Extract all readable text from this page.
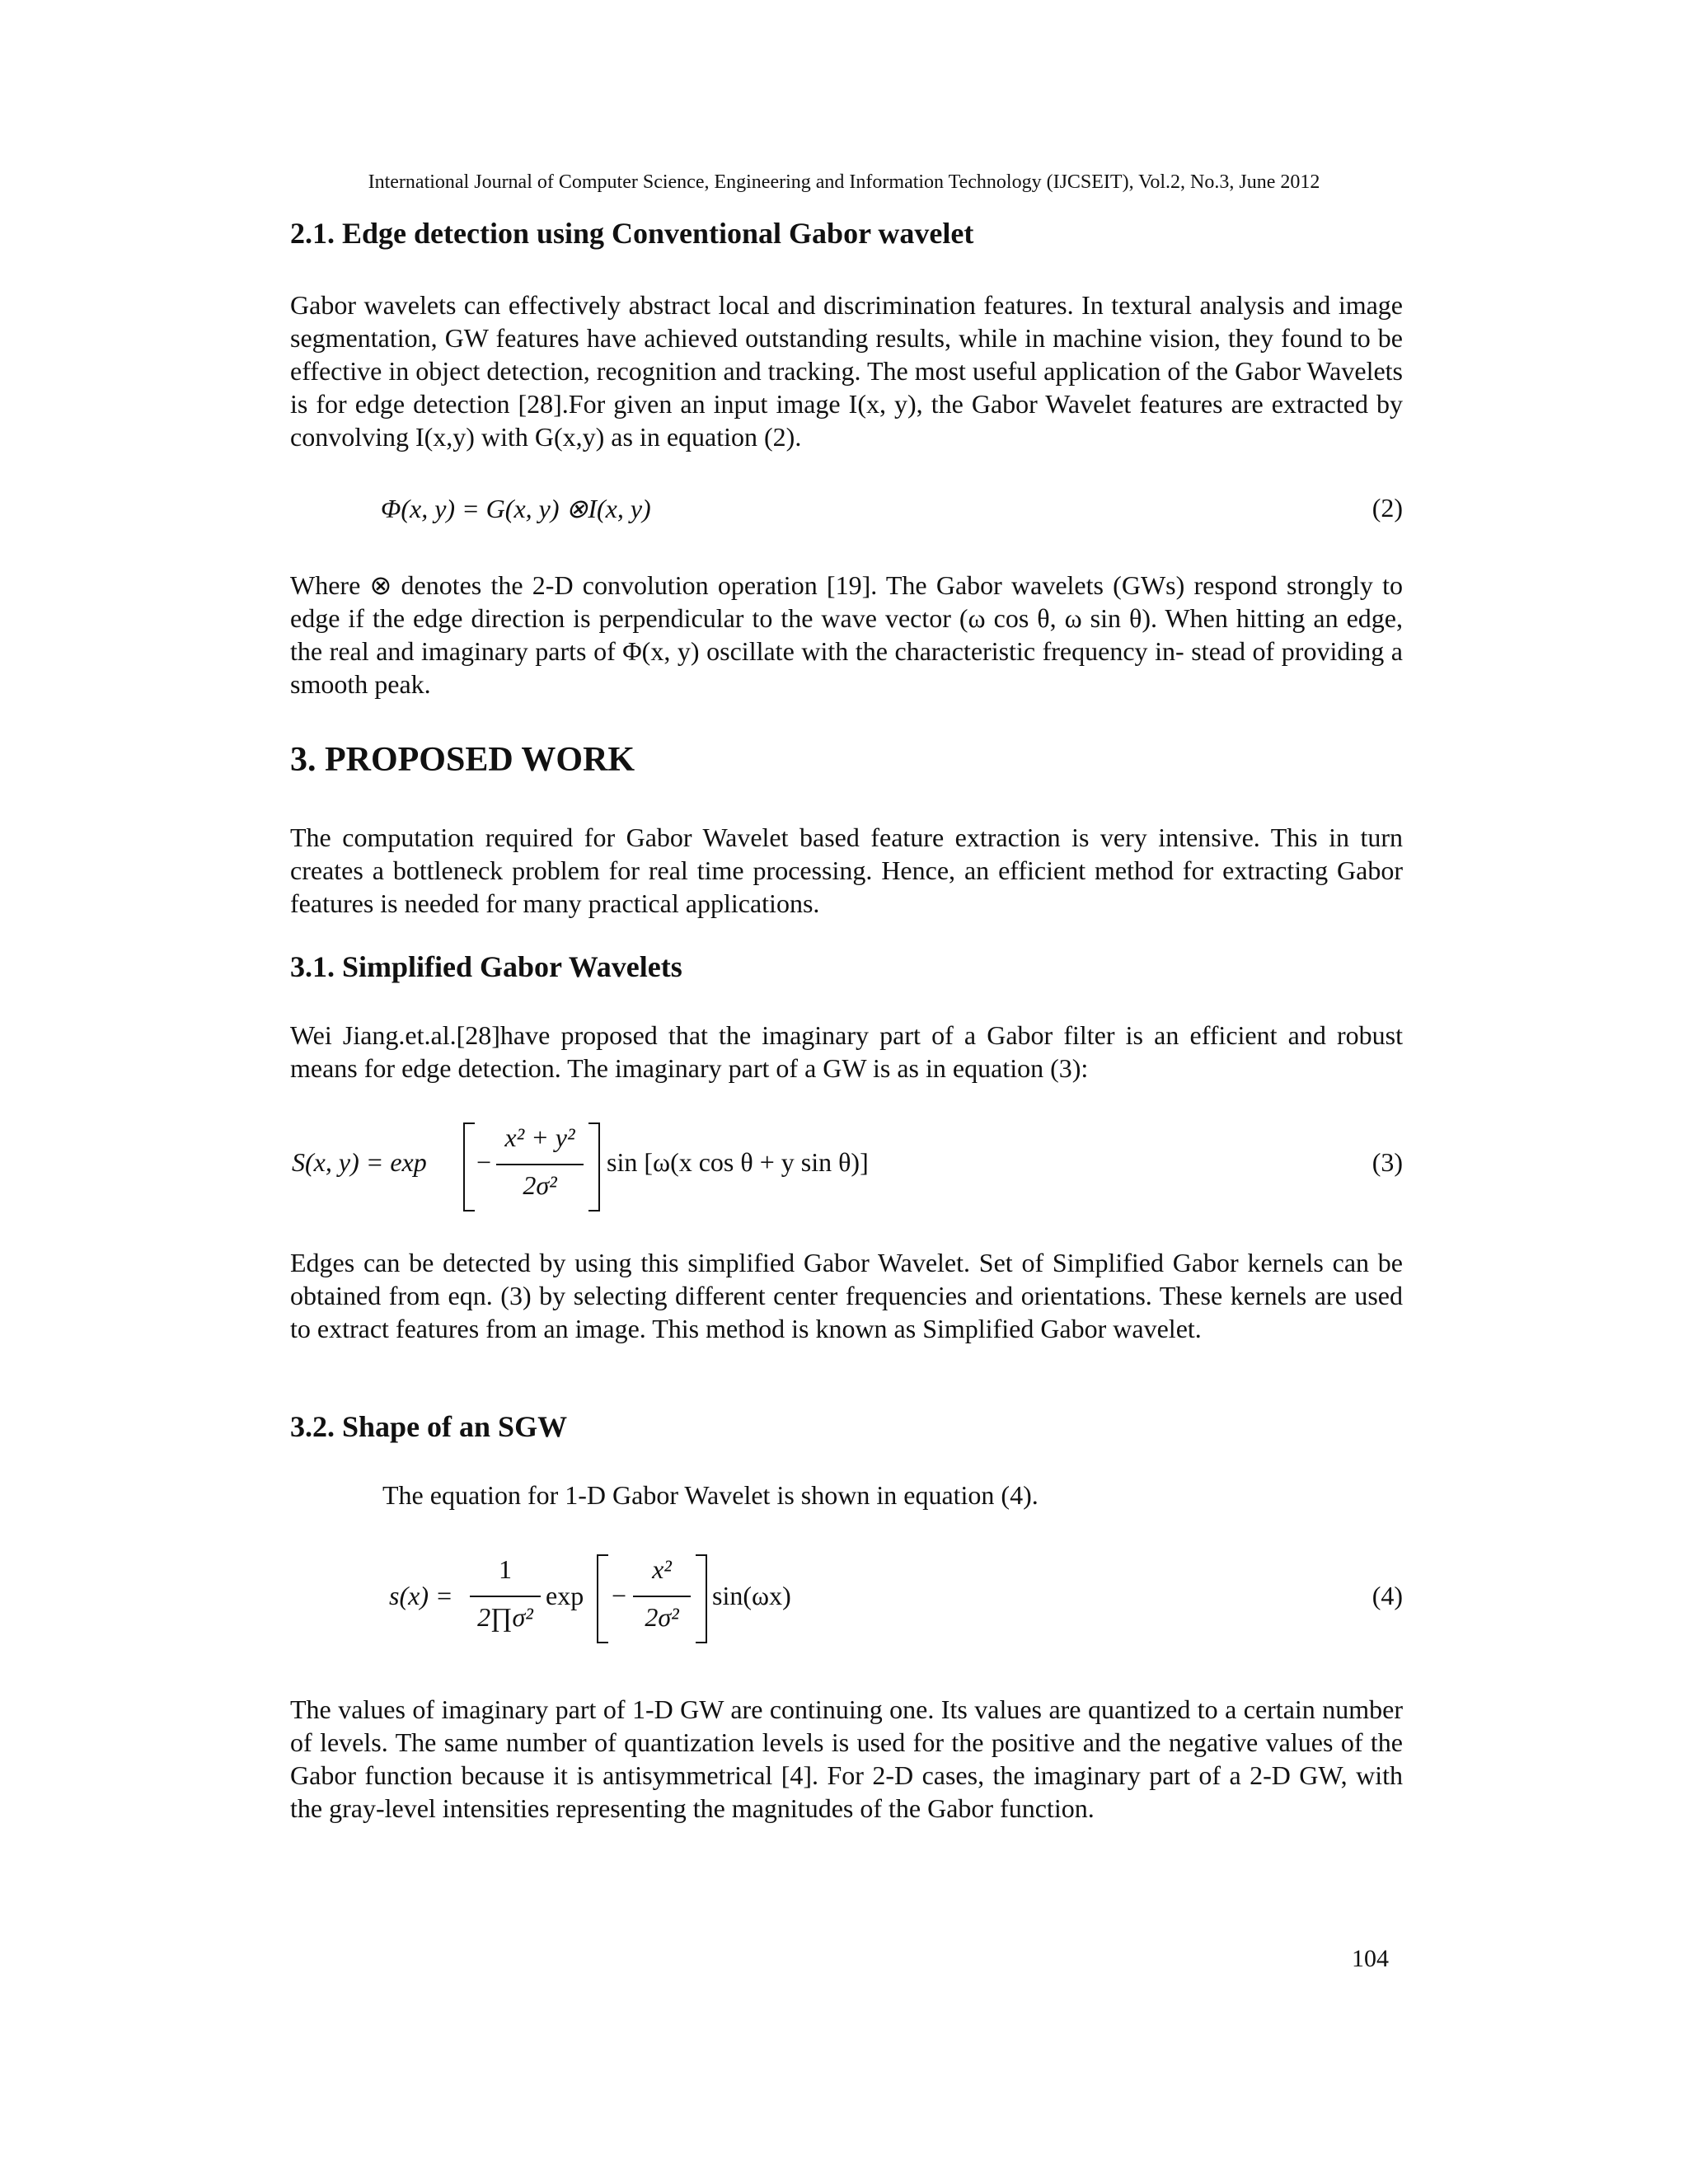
International Journal of Computer Science, Engineering and Information Technology (IJCSEIT), Vol.2, No.3, June 2012
2.1. Edge detection using Conventional Gabor wavelet

Gabor wavelets can effectively abstract local and discrimination features. In textural analysis and image segmentation, GW features have achieved outstanding results, while in machine vision, they found to be effective in object detection, recognition and tracking. The most useful application of the Gabor Wavelets is for edge detection [28].For given an input image I(x, y), the Gabor Wavelet features are extracted by convolving I(x,y) with G(x,y) as in equation (2).

Φ(x, y) = G(x, y) ⊗I(x, y)	(2)

Where ⊗ denotes the 2-D convolution operation [19]. The Gabor wavelets (GWs) respond strongly to edge if the edge direction is perpendicular to the wave vector (ω cos θ, ω sin θ). When hitting an edge, the real and imaginary parts of Φ(x, y) oscillate with the characteristic frequency in- stead of providing a smooth peak.

3. PROPOSED WORK

The computation required for Gabor Wavelet based feature extraction is very intensive. This in turn creates a bottleneck problem for real time processing. Hence, an efficient method for extracting Gabor features is needed for many practical applications.

3.1. Simplified Gabor Wavelets

Wei Jiang.et.al.[28]have proposed that the imaginary part of a Gabor filter is an efficient and robust means for edge detection. The imaginary part of a GW is as in equation (3):

S(x, y) = exp −
x² + y²
2σ²
sin [ω(x cos θ + y sin θ)]	(3)

Edges can be detected by using this simplified Gabor Wavelet. Set of Simplified Gabor kernels can be obtained from eqn. (3) by selecting different center frequencies and orientations. These kernels are used to extract features from an image. This method is known as Simplified Gabor wavelet.

3.2. Shape of an SGW

The equation for 1-D Gabor Wavelet is shown in equation (4).

s(x) =
1
2∏σ²
exp −
x²
2σ²
sin(ωx)	(4)

The values of imaginary part of 1-D GW are continuing one. Its values are quantized to a certain number of levels. The same number of quantization levels is used for the positive and the negative values of the Gabor function because it is antisymmetrical [4]. For 2-D cases, the imaginary part of a 2-D GW, with the gray-level intensities representing the magnitudes of the Gabor function.

104
